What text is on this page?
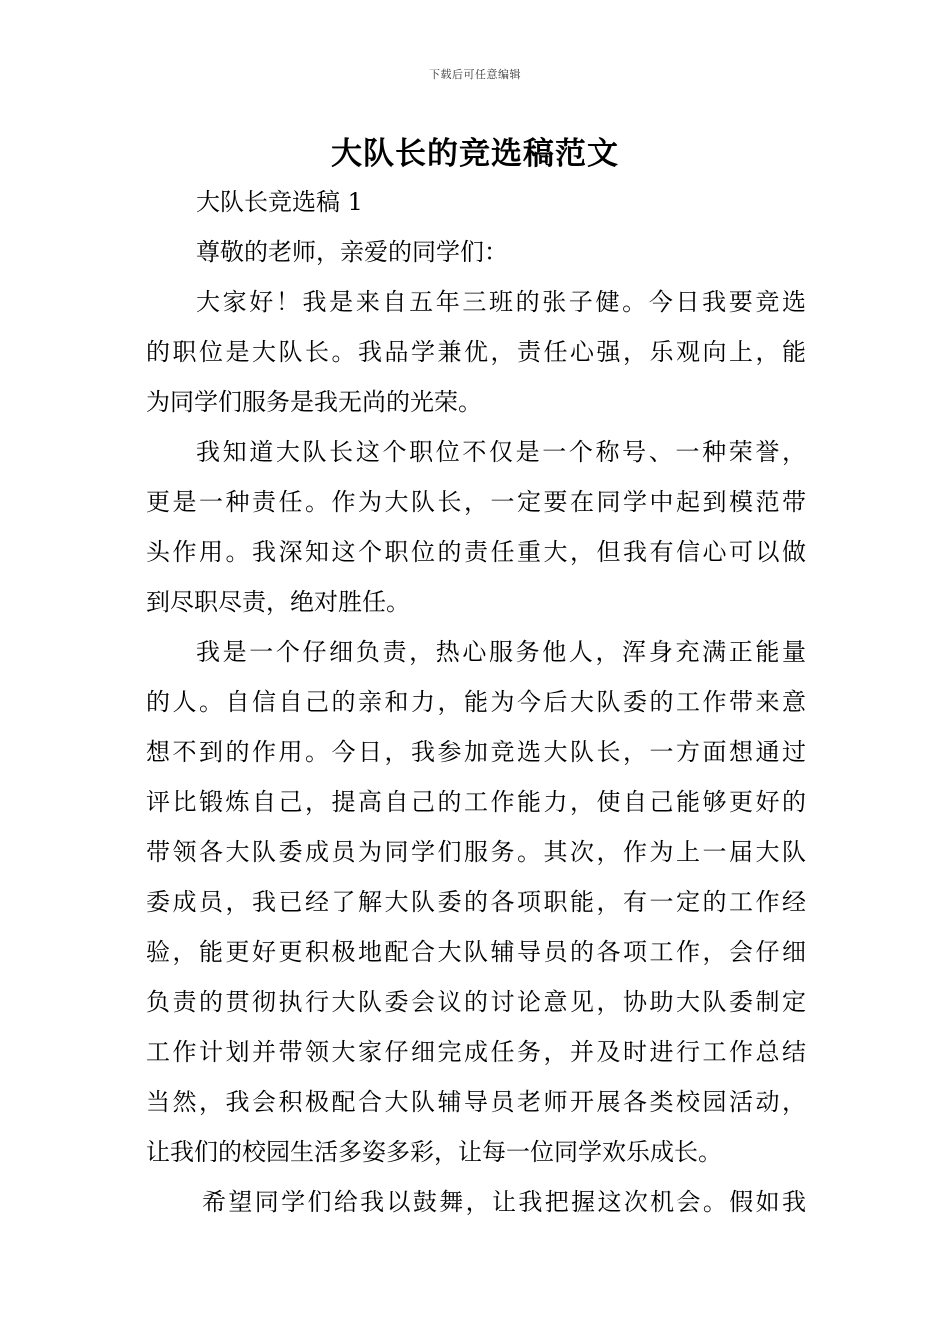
下载后可任意编辑
大队长的竞选稿范文
大队长竞选稿 1
尊敬的老师，亲爱的同学们：
大家好！我是来自五年三班的张子健。今日我要竞选
的职位是大队长。我品学兼优，责任心强，乐观向上，能
为同学们服务是我无尚的光荣。
我知道大队长这个职位不仅是一个称号、一种荣誉，
更是一种责任。作为大队长，一定要在同学中起到模范带
头作用。我深知这个职位的责任重大，但我有信心可以做
到尽职尽责，绝对胜任。
我是一个仔细负责，热心服务他人，浑身充满正能量
的人。自信自己的亲和力，能为今后大队委的工作带来意
想不到的作用。今日，我参加竞选大队长，一方面想通过
评比锻炼自己，提高自己的工作能力，使自己能够更好的
带领各大队委成员为同学们服务。其次，作为上一届大队
委成员，我已经了解大队委的各项职能，有一定的工作经
验，能更好更积极地配合大队辅导员的各项工作，会仔细
负责的贯彻执行大队委会议的讨论意见，协助大队委制定
工作计划并带领大家仔细完成任务，并及时进行工作总结
当然，我会积极配合大队辅导员老师开展各类校园活动，
让我们的校园生活多姿多彩，让每一位同学欢乐成长。
希望同学们给我以鼓舞，让我把握这次机会。假如我
